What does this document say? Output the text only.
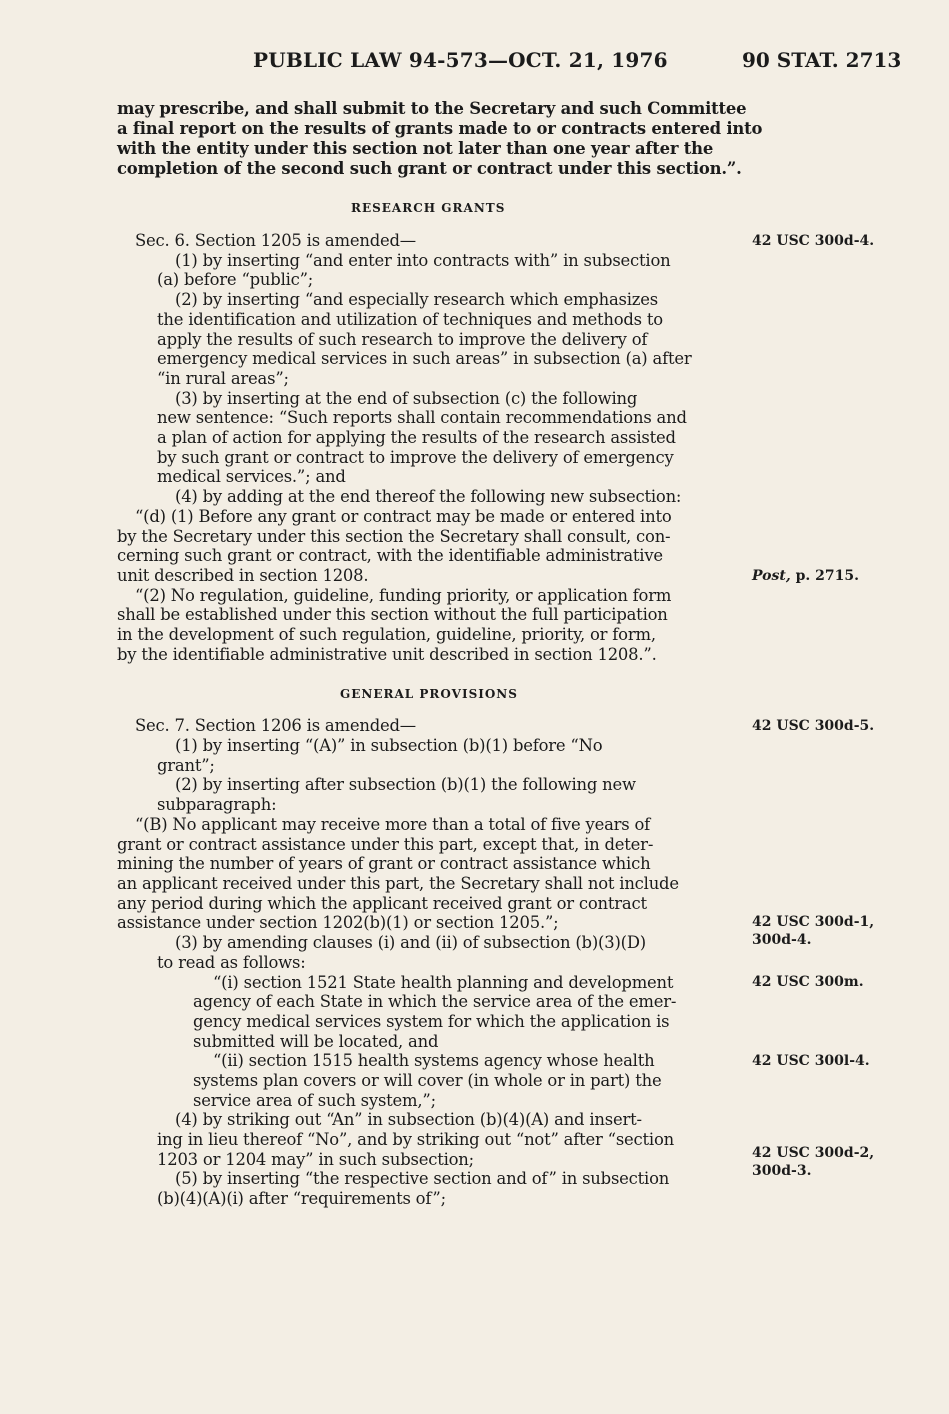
PUBLIC LAW 94-573—OCT. 21, 1976	90 STAT. 2713
may prescribe, and shall submit to the Secretary and such Committee
a final report on the results of grants made to or contracts entered into
with the entity under this section not later than one year after the
completion of the second such grant or contract under this section.”.
RESEARCH GRANTS
Sec. 6. Section 1205 is amended—
(1) by inserting “and enter into contracts with” in subsection
(a) before “public”;
(2) by inserting “and especially research which emphasizes
the identification and utilization of techniques and methods to
apply the results of such research to improve the delivery of
emergency medical services in such areas” in subsection (a) after
“in rural areas”;
(3) by inserting at the end of subsection (c) the following
new sentence: “Such reports shall contain recommendations and
a plan of action for applying the results of the research assisted
by such grant or contract to improve the delivery of emergency
medical services.”; and
(4) by adding at the end thereof the following new subsection:
“(d) (1) Before any grant or contract may be made or entered into
by the Secretary under this section the Secretary shall consult, con-
cerning such grant or contract, with the identifiable administrative
unit described in section 1208.
“(2) No regulation, guideline, funding priority, or application form
shall be established under this section without the full participation
in the development of such regulation, guideline, priority, or form,
by the identifiable administrative unit described in section 1208.”.
GENERAL PROVISIONS
Sec. 7. Section 1206 is amended—
(1) by inserting “(A)” in subsection (b)(1) before “No
grant”;
(2) by inserting after subsection (b)(1) the following new
subparagraph:
“(B) No applicant may receive more than a total of five years of
grant or contract assistance under this part, except that, in deter-
mining the number of years of grant or contract assistance which
an applicant received under this part, the Secretary shall not include
any period during which the applicant received grant or contract
assistance under section 1202(b)(1) or section 1205.”;
(3) by amending clauses (i) and (ii) of subsection (b)(3)(D)
to read as follows:
“(i) section 1521 State health planning and development
agency of each State in which the service area of the emer-
gency medical services system for which the application is
submitted will be located, and
“(ii) section 1515 health systems agency whose health
systems plan covers or will cover (in whole or in part) the
service area of such system,”;
(4) by striking out “An” in subsection (b)(4)(A) and insert-
ing in lieu thereof “No”, and by striking out “not” after “section
1203 or 1204 may” in such subsection;
(5) by inserting “the respective section and of” in subsection
(b)(4)(A)(i) after “requirements of”;
42 USC 300d-4.
Post, p. 2715.
42 USC 300d-5.
42 USC 300d-1,
300d-4.
42 USC 300m.
42 USC 300l-4.
42 USC 300d-2,
300d-3.
